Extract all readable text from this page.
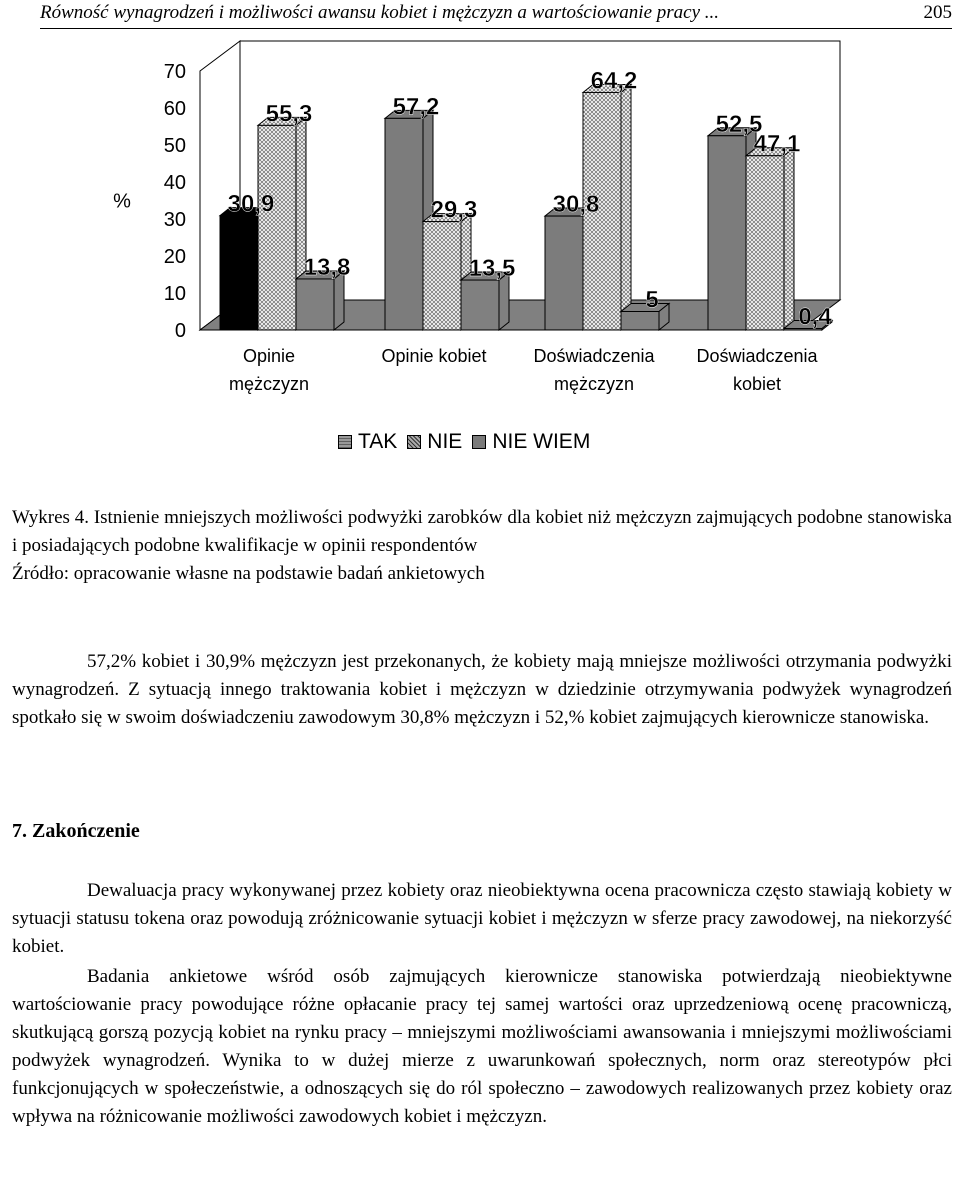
Równość wynagrodzeń i możliwości awansu kobiet i mężczyzn a wartościowanie pracy ...	205
70
60
50
40
30
20
10
0
%	30,9
55,3
13,8
57,2
29,3
13,5
30,8
64,2
5
52,5
47,1
0,4
Opinie
mężczyzn
Opinie kobiet	Doświadczenia
mężczyzn
Doświadczenia
kobiet
TAK NIE NIE WIEM

Wykres 4. Istnienie mniejszych możliwości podwyżki zarobków dla kobiet niż mężczyzn zajmujących podobne stanowiska i posiadających podobne kwalifikacje w opinii respondentów

Źródło: opracowanie własne na podstawie badań ankietowych

57,2% kobiet i 30,9% mężczyzn jest przekonanych, że kobiety mają mniejsze możliwości otrzymania podwyżki wynagrodzeń. Z sytuacją innego traktowania kobiet i mężczyzn w dziedzinie otrzymywania podwyżek wynagrodzeń spotkało się w swoim doświadczeniu zawodowym 30,8% mężczyzn i 52,% kobiet zajmujących kierownicze stanowiska.

7. Zakończenie

Dewaluacja pracy wykonywanej przez kobiety oraz nieobiektywna ocena pracownicza często stawiają kobiety w sytuacji statusu tokena oraz powodują zróżnicowanie sytuacji kobiet i mężczyzn w sferze pracy zawodowej, na niekorzyść kobiet.

Badania ankietowe wśród osób zajmujących kierownicze stanowiska potwierdzają nieobiektywne wartościowanie pracy powodujące różne opłacanie pracy tej samej wartości oraz uprzedzeniową ocenę pracowniczą, skutkującą gorszą pozycją kobiet na rynku pracy – mniejszymi możliwościami awansowania i mniejszymi możliwościami podwyżek wynagrodzeń. Wynika to w dużej mierze z uwarunkowań społecznych, norm oraz stereotypów płci funkcjonujących w społeczeństwie, a odnoszących się do ról społeczno – zawodowych realizowanych przez kobiety oraz wpływa na różnicowanie możliwości zawodowych kobiet i mężczyzn.
